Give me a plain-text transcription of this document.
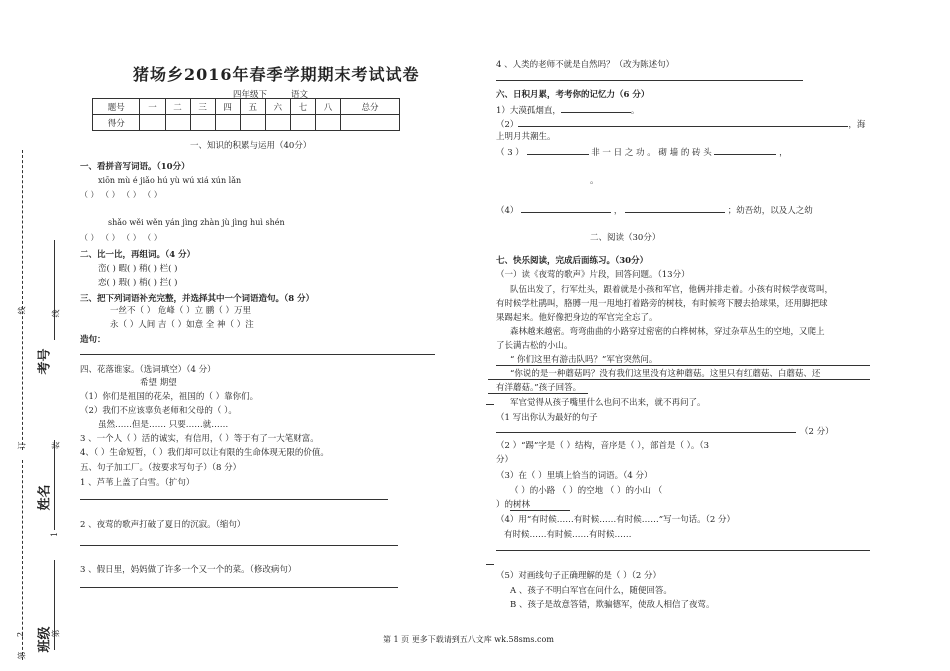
猪场乡2016年春季学期期末考试试卷
四年级下	语文
题号	一	二	三	四	五	六	七	八	总分
得分									
一、知识的积累与运用（40分）
一、看拼音写词语。（10分）
xiōn mù é jiǎo hú yù wú xiá xún lǎn
（ ） （ ） （ ） （ ）
shǎo wěi wěn yán jìng zhàn jù jìng huì shén
（ ） （ ） （ ） （ ）
二、比一比，再组词。（4 分）
峦( ) 暇( ) 稍( ) 栏( )
恋( ) 瑕( ) 梢( ) 拦( )
三、把下列词语补充完整，并选择其中一个词语造句。（8 分）
一丝不（ ） 危峰（ ）立 鹏（ ）万里
永（ ）人间 吉（ ）如意 全 神（ ）注
造句：
四、花落谁家。（选词填空）（4 分）
希望 期望
（1）你们是祖国的花朵，祖国的（ ）靠你们。
（2）我们不应该辜负老师和父母的（ ）。
虽然……但是…… 只要……就……
3 、一个人（ ）活的诚实，有信用，（ ）等于有了一大笔财富。
4、（ ）生命短暂，（ ）我们却可以让有限的生命体现无限的价值。
五、句子加工厂。（按要求写句子）（8 分）
1 、芦苇上盖了白雪。（扩句）
2 、夜莺的歌声打破了夏日的沉寂。（缩句）
3 、假日里，妈妈做了许多一个又一个的菜。（修改病句）
4 、人类的老师不就是自然吗？（改为陈述句）
六、日积月累，考考你的记忆力（6 分）
1）大漠孤烟直，	。
（2）	，海
上明月共潮生。
（ 3 ）	非 一 日 之 功 。 砌 墙 的 砖 头	，
。
（4）	，	；幼吾幼，以及人之幼
二、阅读（30分）
七、快乐阅读，完成后面练习。（30分）
（一）读《夜莺的歌声》片段，回答问题。（13分）
队伍出发了，行军灶头，跟着就是小孩和军官，他俩并排走着。小孩有时候学夜莺叫，
有时候学杜鹃叫，胳膊一甩一甩地打着路旁的树枝，有时候弯下腰去拾球果，还用脚把球
果踢起来。他好像把身边的军官完全忘了。
森林越来越密。弯弯曲曲的小路穿过密密的白桦树林，穿过杂草丛生的空地，又爬上
了长满古松的小山。
“ 你们这里有游击队吗？”军官突然问。
“你说的是一种蘑菇吗？没有我们这里没有这种蘑菇。这里只有红蘑菇、白蘑菇、还
有洋蘑菇。”孩子回答。
军官觉得从孩子嘴里什么也问不出来，就不再问了。
（1 写出你认为最好的句子
（2 分）
（2 ）“踢”字是（ ）结构，音序是（ ），部首是（ ）。（3
分）
（3）在（ ）里填上恰当的词语。（4 分）
（ ）的小路 （ ）的空地 （ ）的小山 （
）的树林
（4）用“有时候……有时候……有时候……”写一句话。（2 分）
有时候……有时候……有时候……
（5）对画线句子正确理解的是（ ）（2 分）
A 、孩子不明白军官在问什么，随便回答。
B 、孩子是故意答错，欺骗德军，使敌人相信了夜莺。
第 1 页 更多下载请到五八文库 wk.58sms.com
线
订
2
第
考号
姓名
班级
线
装
1
第
